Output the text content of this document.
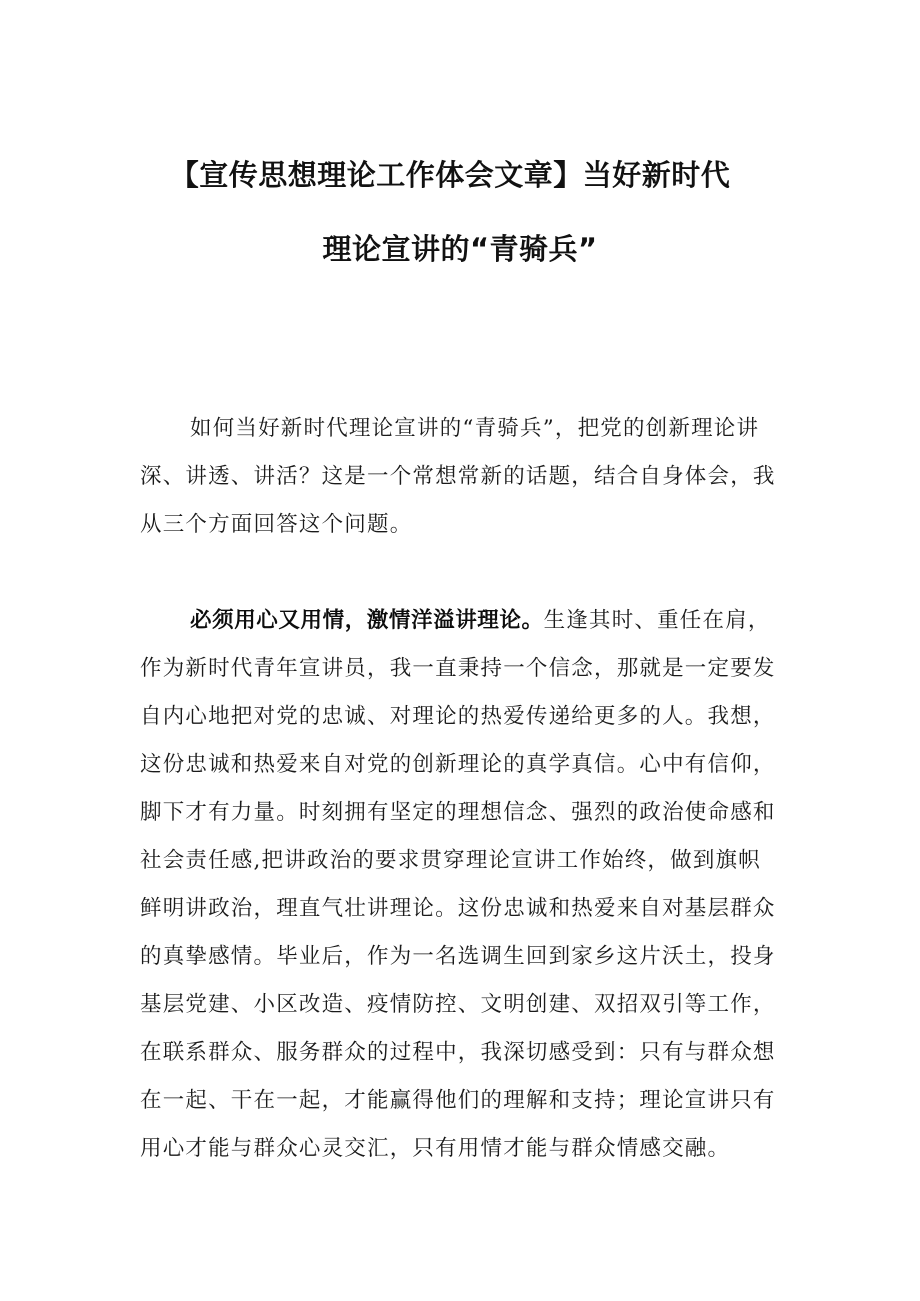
【宣传思想理论工作体会文章】当好新时代
理论宣讲的“青骑兵”
如何当好新时代理论宣讲的“青骑兵”，把党的创新理论讲
深、讲透、讲活？这是一个常想常新的话题，结合自身体会，我
从三个方面回答这个问题。
必须用心又用情，激情洋溢讲理论。生逢其时、重任在肩，
作为新时代青年宣讲员，我一直秉持一个信念，那就是一定要发
自内心地把对党的忠诚、对理论的热爱传递给更多的人。我想，
这份忠诚和热爱来自对党的创新理论的真学真信。心中有信仰，
脚下才有力量。时刻拥有坚定的理想信念、强烈的政治使命感和
社会责任感,把讲政治的要求贯穿理论宣讲工作始终，做到旗帜
鲜明讲政治，理直气壮讲理论。这份忠诚和热爱来自对基层群众
的真挚感情。毕业后，作为一名选调生回到家乡这片沃土，投身
基层党建、小区改造、疫情防控、文明创建、双招双引等工作，
在联系群众、服务群众的过程中，我深切感受到：只有与群众想
在一起、干在一起，才能赢得他们的理解和支持；理论宣讲只有
用心才能与群众心灵交汇，只有用情才能与群众情感交融。
